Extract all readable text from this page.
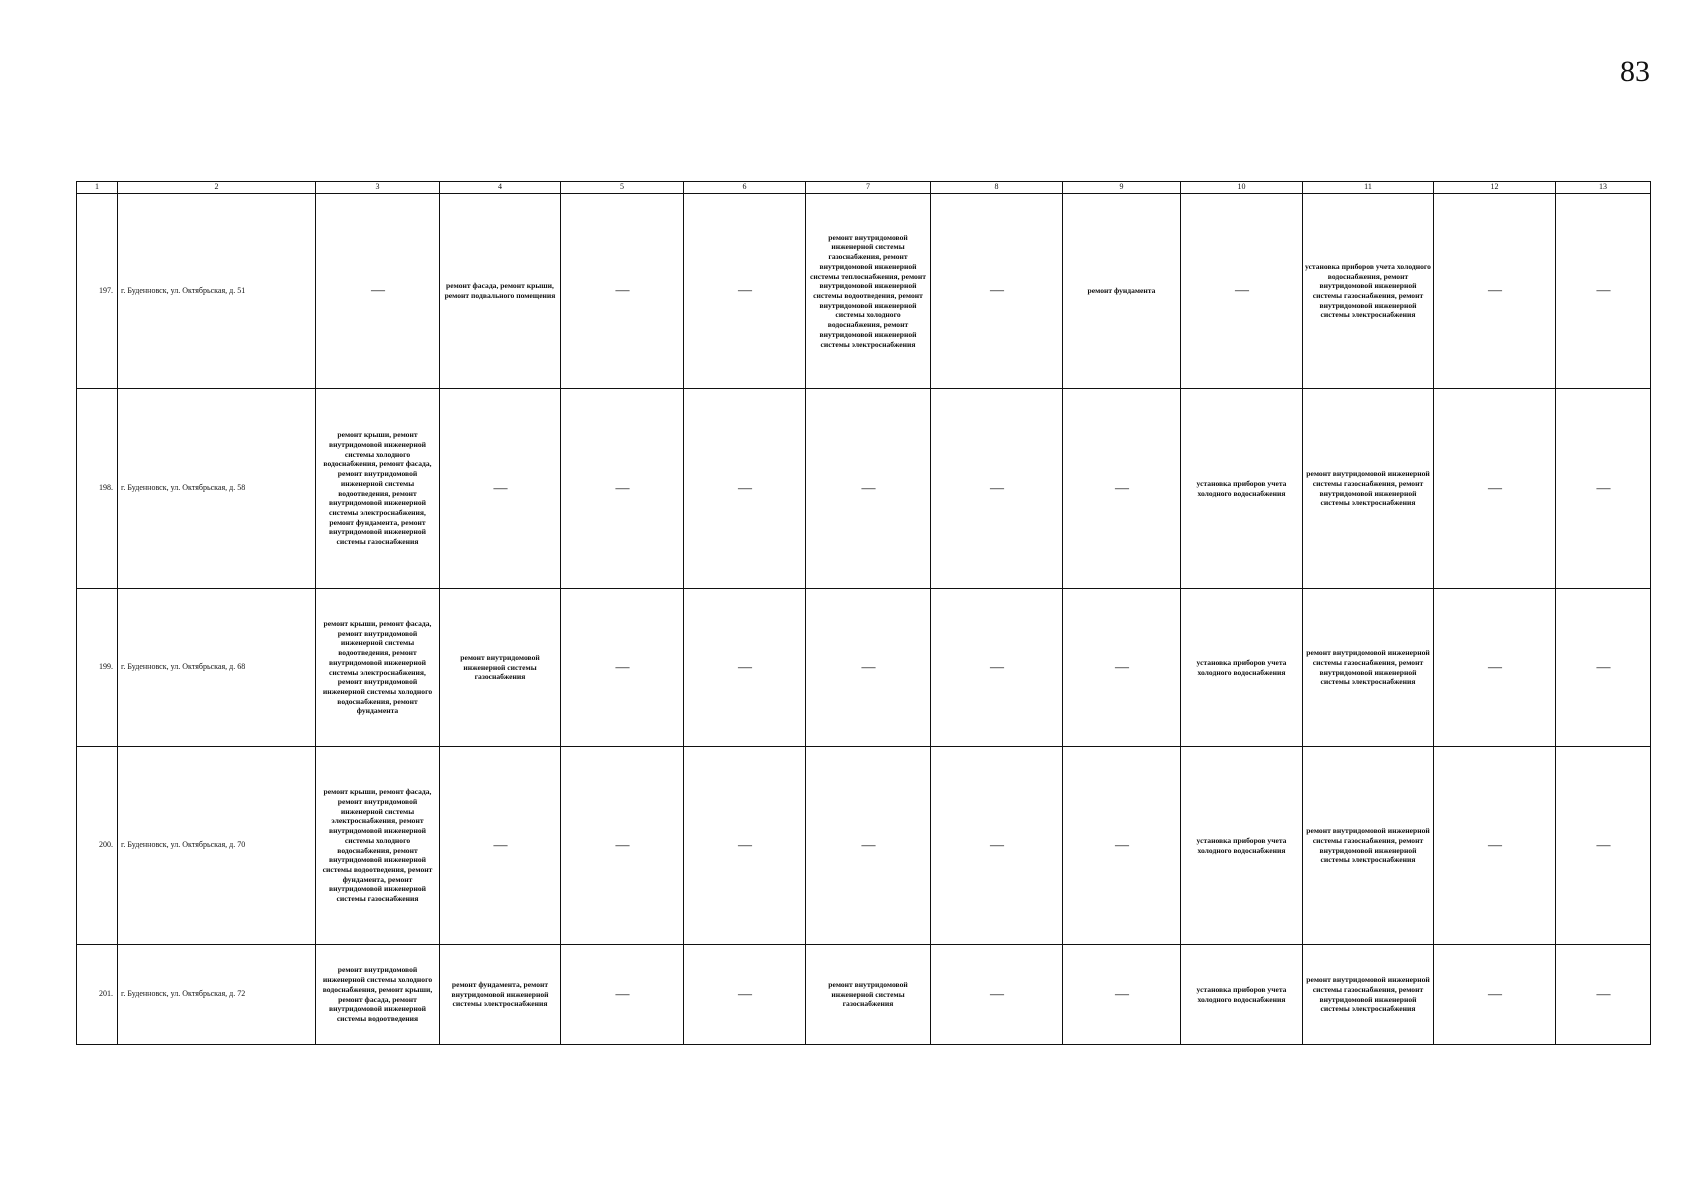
83
1	2	3	4	5	6	7	8	9	10	11	12	13
197.	г. Буденновск, ул. Октябрьская, д. 51	—	ремонт фасада, ремонт крыши, ремонт подвального помещения	—	—	ремонт внутридомовой инженерной системы газоснабжения, ремонт внутридомовой инженерной системы теплоснабжения, ремонт внутридомовой инженерной системы водоотведения, ремонт внутридомовой инженерной системы холодного водоснабжения, ремонт внутридомовой инженерной системы электроснабжения	—	ремонт фундамента	—	установка приборов учета холодного водоснабжения, ремонт внутридомовой инженерной системы газоснабжения, ремонт внутридомовой инженерной системы электроснабжения	—	—
198.	г. Буденновск, ул. Октябрьская, д. 58	ремонт крыши, ремонт внутридомовой инженерной системы холодного водоснабжения, ремонт фасада, ремонт внутридомовой инженерной системы водоотведения, ремонт внутридомовой инженерной системы электроснабжения, ремонт фундамента, ремонт внутридомовой инженерной системы газоснабжения	—	—	—	—	—	—	установка приборов учета холодного водоснабжения	ремонт внутридомовой инженерной системы газоснабжения, ремонт внутридомовой инженерной системы электроснабжения	—	—
199.	г. Буденновск, ул. Октябрьская, д. 68	ремонт крыши, ремонт фасада, ремонт внутридомовой инженерной системы водоотведения, ремонт внутридомовой инженерной системы электроснабжения, ремонт внутридомовой инженерной системы холодного водоснабжения, ремонт фундамента	ремонт внутридомовой инженерной системы газоснабжения	—	—	—	—	—	установка приборов учета холодного водоснабжения	ремонт внутридомовой инженерной системы газоснабжения, ремонт внутридомовой инженерной системы электроснабжения	—	—
200.	г. Буденновск, ул. Октябрьская, д. 70	ремонт крыши, ремонт фасада, ремонт внутридомовой инженерной системы электроснабжения, ремонт внутридомовой инженерной системы холодного водоснабжения, ремонт внутридомовой инженерной системы водоотведения, ремонт фундамента, ремонт внутридомовой инженерной системы газоснабжения	—	—	—	—	—	—	установка приборов учета холодного водоснабжения	ремонт внутридомовой инженерной системы газоснабжения, ремонт внутридомовой инженерной системы электроснабжения	—	—
201.	г. Буденновск, ул. Октябрьская, д. 72	ремонт внутридомовой инженерной системы холодного водоснабжения, ремонт крыши, ремонт фасада, ремонт внутридомовой инженерной системы водоотведения	ремонт фундамента, ремонт внутридомовой инженерной системы электроснабжения	—	—	ремонт внутридомовой инженерной системы газоснабжения	—	—	установка приборов учета холодного водоснабжения	ремонт внутридомовой инженерной системы газоснабжения, ремонт внутридомовой инженерной системы электроснабжения	—	—
